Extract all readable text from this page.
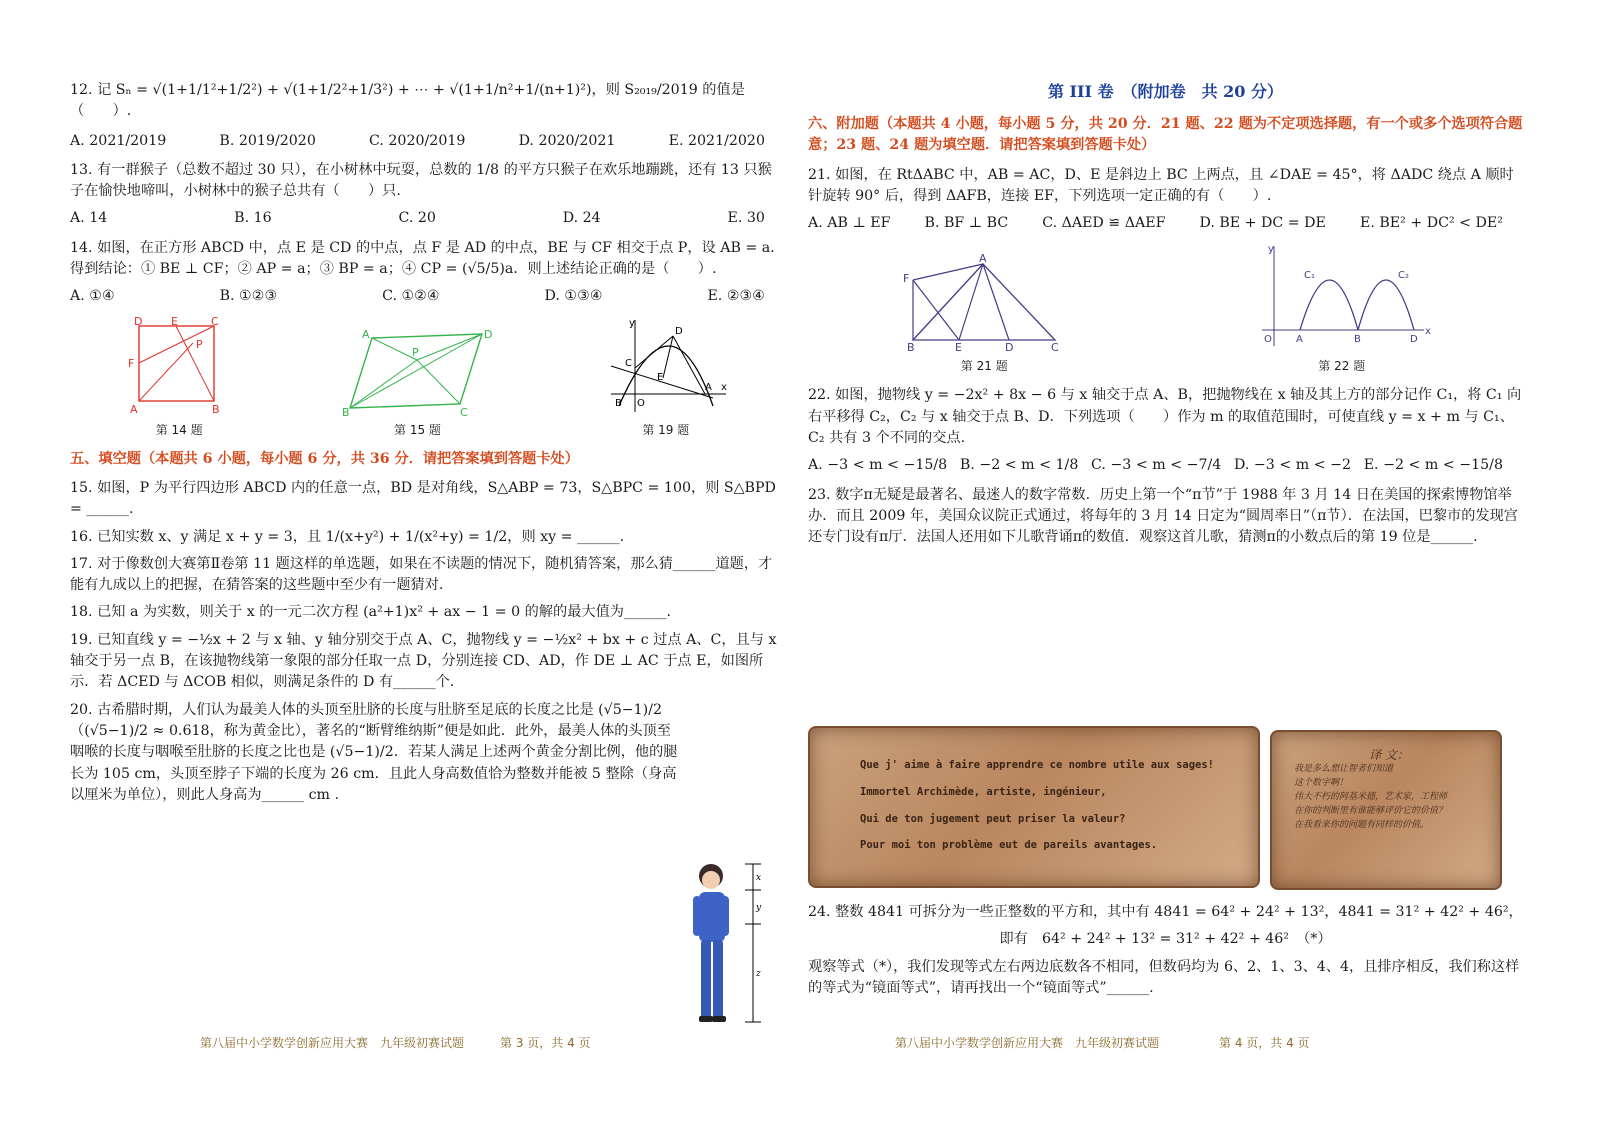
12. 记 Sₙ = √(1+1/1²+1/2²) + √(1+1/2²+1/3²) + ⋯ + √(1+1/n²+1/(n+1)²)，则 S₂₀₁₉/2019 的值是（　　）.

A. 2021/2019	B. 2019/2020	C. 2020/2019	D. 2020/2021	E. 2021/2020

13. 有一群猴子（总数不超过 30 只），在小树林中玩耍，总数的 1/8 的平方只猴子在欢乐地蹦跳，还有 13 只猴子在愉快地啼叫，小树林中的猴子总共有（　　）只.

A. 14	B. 16	C. 20	D. 24	E. 30

14. 如图，在正方形 ABCD 中，点 E 是 CD 的中点，点 F 是 AD 的中点，BE 与 CF 相交于点 P，设 AB = a．得到结论：① BE ⊥ CF；② AP = a；③ BP = a；④ CP = (√5/5)a．则上述结论正确的是（　　）.

A. ①④	B. ①②③	C. ①②④	D. ①③④	E. ②③④
D	E	C
P
F
A	B
第 14 题
A
P
D
B	C
第 15 题
y
D
C
E
B O
A x
第 19 题
五、填空题（本题共 6 小题，每小题 6 分，共 36 分．请把答案填到答题卡处）

15. 如图，P 为平行四边形 ABCD 内的任意一点，BD 是对角线，S△ABP = 73，S△BPC = 100，则 S△BPD = ______.

16. 已知实数 x、y 满足 x + y = 3，且 1/(x+y²) + 1/(x²+y) = 1/2，则 xy = ______.

17. 对于像数创大赛第Ⅱ卷第 11 题这样的单选题，如果在不读题的情况下，随机猜答案，那么猜______道题，才能有九成以上的把握，在猜答案的这些题中至少有一题猜对.

18. 已知 a 为实数，则关于 x 的一元二次方程 (a²+1)x² + ax − 1 = 0 的解的最大值为______.

19. 已知直线 y = −½x + 2 与 x 轴、y 轴分别交于点 A、C，抛物线 y = −½x² + bx + c 过点 A、C，且与 x 轴交于另一点 B，在该抛物线第一象限的部分任取一点 D，分别连接 CD、AD，作 DE ⊥ AC 于点 E，如图所示．若 ΔCED 与 ΔCOB 相似，则满足条件的 D 有______个.

20. 古希腊时期，人们认为最美人体的头顶至肚脐的长度与肚脐至足底的长度之比是 (√5−1)/2（(√5−1)/2 ≈ 0.618，称为黄金比），著名的“断臂维纳斯”便是如此．此外，最美人体的头顶至咽喉的长度与咽喉至肚脐的长度之比也是 (√5−1)/2．若某人满足上述两个黄金分割比例，他的腿长为 105 cm，头顶至脖子下端的长度为 26 cm．且此人身高数值恰为整数并能被 5 整除（身高以厘米为单位），则此人身高为______ cm .

x
y
z
第八届中小学数学创新应用大赛　九年级初赛试题　　　第 3 页，共 4 页
第 III 卷　（附加卷　共 20 分）
六、附加题（本题共 4 小题，每小题 5 分，共 20 分．21 题、22 题为不定项选择题，有一个或多个选项符合题意；23 题、24 题为填空题．请把答案填到答题卡处）

21. 如图，在 RtΔABC 中，AB = AC，D、E 是斜边上 BC 上两点，且 ∠DAE = 45°，将 ΔADC 绕点 A 顺时针旋转 90° 后，得到 ΔAFB，连接 EF，下列选项一定正确的有（　　）.

A. AB ⊥ EF B. BF ⊥ BC C. ΔAED ≌ ΔAEF D. BE + DC = DE E. BE² + DC² < DE²
A
F
B	E	D	C
第 21 题
y
C₁	C₂
O A	B	D
x
第 22 题

22. 如图，抛物线 y = −2x² + 8x − 6 与 x 轴交于点 A、B，把抛物线在 x 轴及其上方的部分记作 C₁，将 C₁ 向右平移得 C₂，C₂ 与 x 轴交于点 B、D．下列选项（　　）作为 m 的取值范围时，可使直线 y = x + m 与 C₁、C₂ 共有 3 个不同的交点.

A. −3 < m < −15/8 B. −2 < m < 1/8 C. −3 < m < −7/4 D. −3 < m < −2 E. −2 < m < −15/8

23. 数字π无疑是最著名、最迷人的数字常数．历史上第一个“π节”于 1988 年 3 月 14 日在美国的探索博物馆举办．而且 2009 年，美国众议院正式通过，将每年的 3 月 14 日定为“圆周率日”（π节）．在法国，巴黎市的发现宫还专门设有π厅．法国人还用如下儿歌背诵π的数值．观察这首儿歌，猜测π的小数点后的第 19 位是______.

Que j' aime à faire apprendre ce nombre utile aux sages!
Immortel Archimède, artiste, ingénieur,
Qui de ton jugement peut priser la valeur?
Pour moi ton problème eut de pareils avantages.
译 文：
我是多么想让智者们知道
这个数字啊！
伟大不朽的阿基米德，艺术家，工程师
在你的判断里有谁能够评价它的价值？
在我看来你的问题有同样的价值。

24. 整数 4841 可拆分为一些正整数的平方和，其中有 4841 = 64² + 24² + 13²，4841 = 31² + 42² + 46²，

即有　64² + 24² + 13² = 31² + 42² + 46²　（*）

观察等式（*），我们发现等式左右两边底数各不相同，但数码均为 6、2、1、3、4、4，且排序相反，我们称这样的等式为“镜面等式”，请再找出一个“镜面等式”______.

第八届中小学数学创新应用大赛　九年级初赛试题　　　　　第 4 页，共 4 页
